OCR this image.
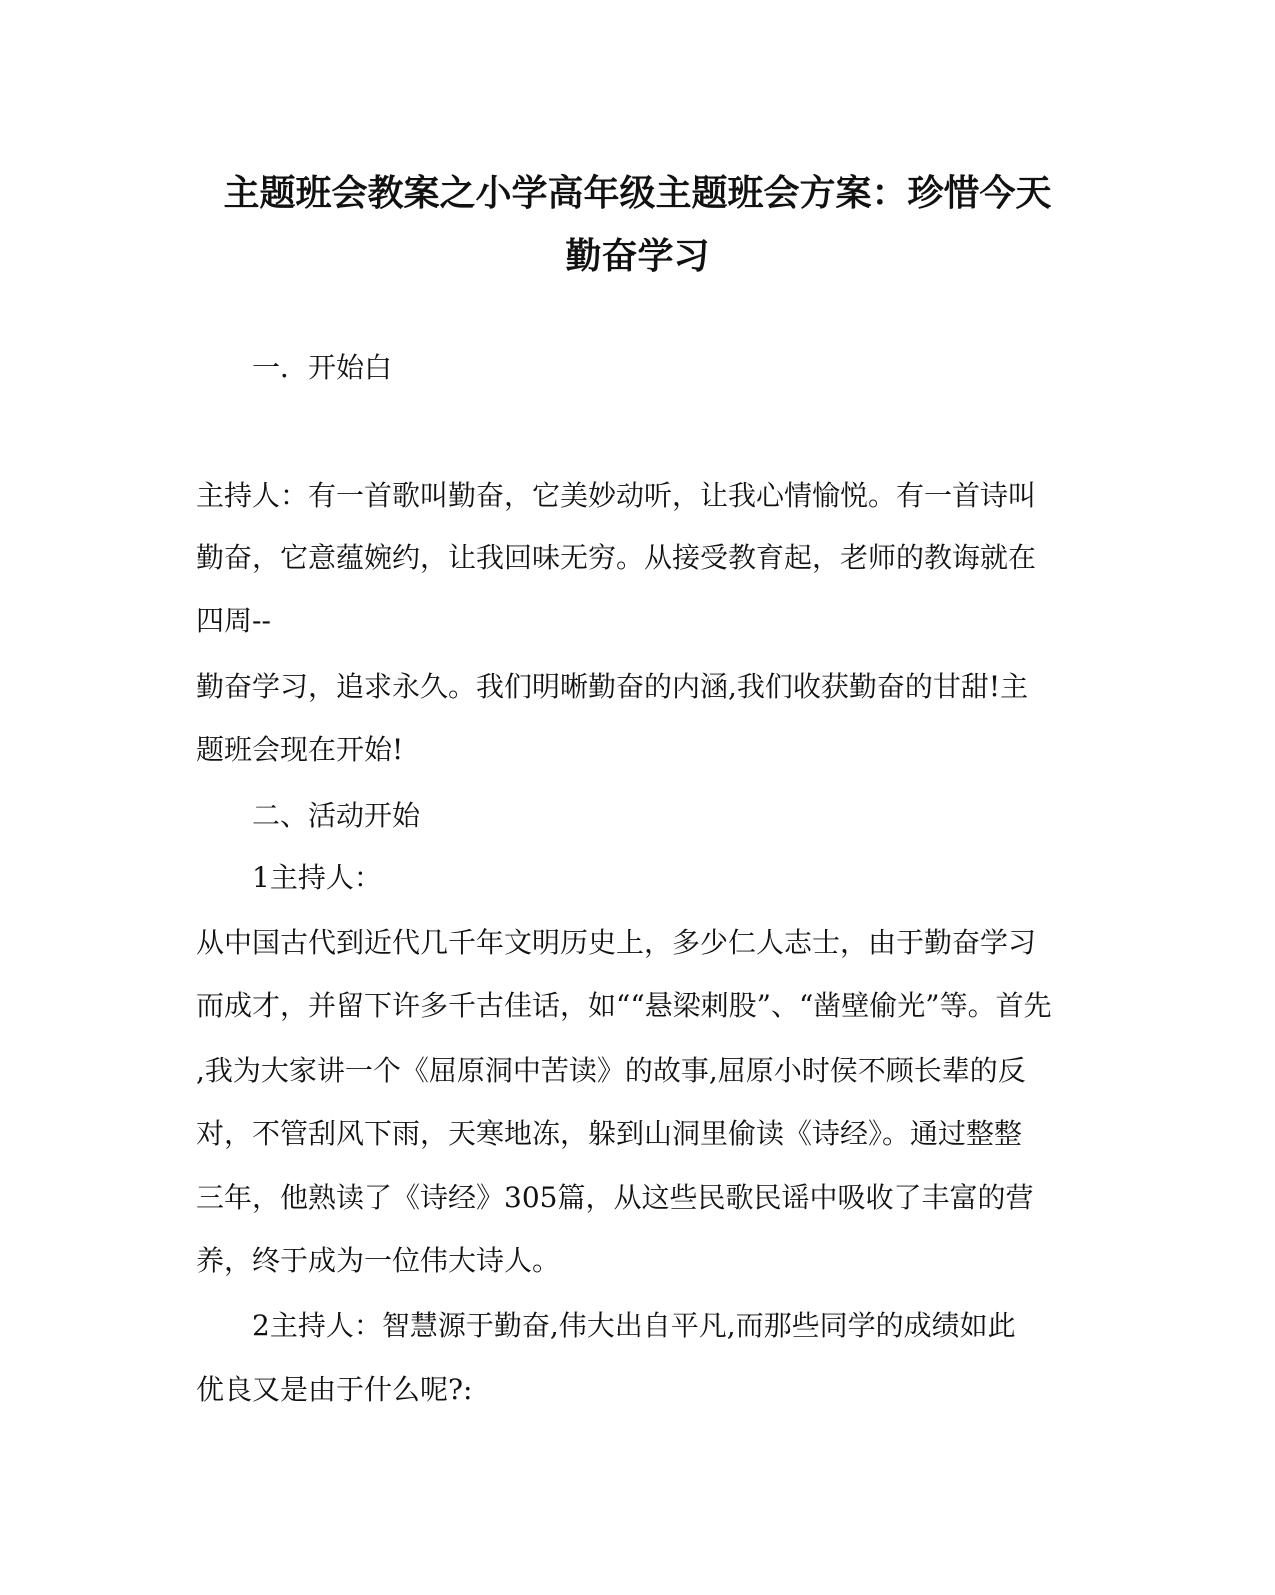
主题班会教案之小学高年级主题班会方案：珍惜今天
勤奋学习
一．开始白
主持人：有一首歌叫勤奋，它美妙动听，让我心情愉悦。有一首诗叫
勤奋，它意蕴婉约，让我回味无穷。从接受教育起，老师的教诲就在
四周--
勤奋学习，追求永久。我们明晰勤奋的内涵,我们收获勤奋的甘甜!主
题班会现在开始!
二、活动开始
1主持人：
从中国古代到近代几千年文明历史上，多少仁人志士，由于勤奋学习
而成才，并留下许多千古佳话，如““悬梁刺股”、“凿壁偷光”等。首先
,我为大家讲一个《屈原洞中苦读》的故事,屈原小时侯不顾长辈的反
对，不管刮风下雨，天寒地冻，躲到山洞里偷读《诗经》。通过整整
三年，他熟读了《诗经》305篇，从这些民歌民谣中吸收了丰富的营
养，终于成为一位伟大诗人。
2主持人：智慧源于勤奋,伟大出自平凡,而那些同学的成绩如此
优良又是由于什么呢?:
